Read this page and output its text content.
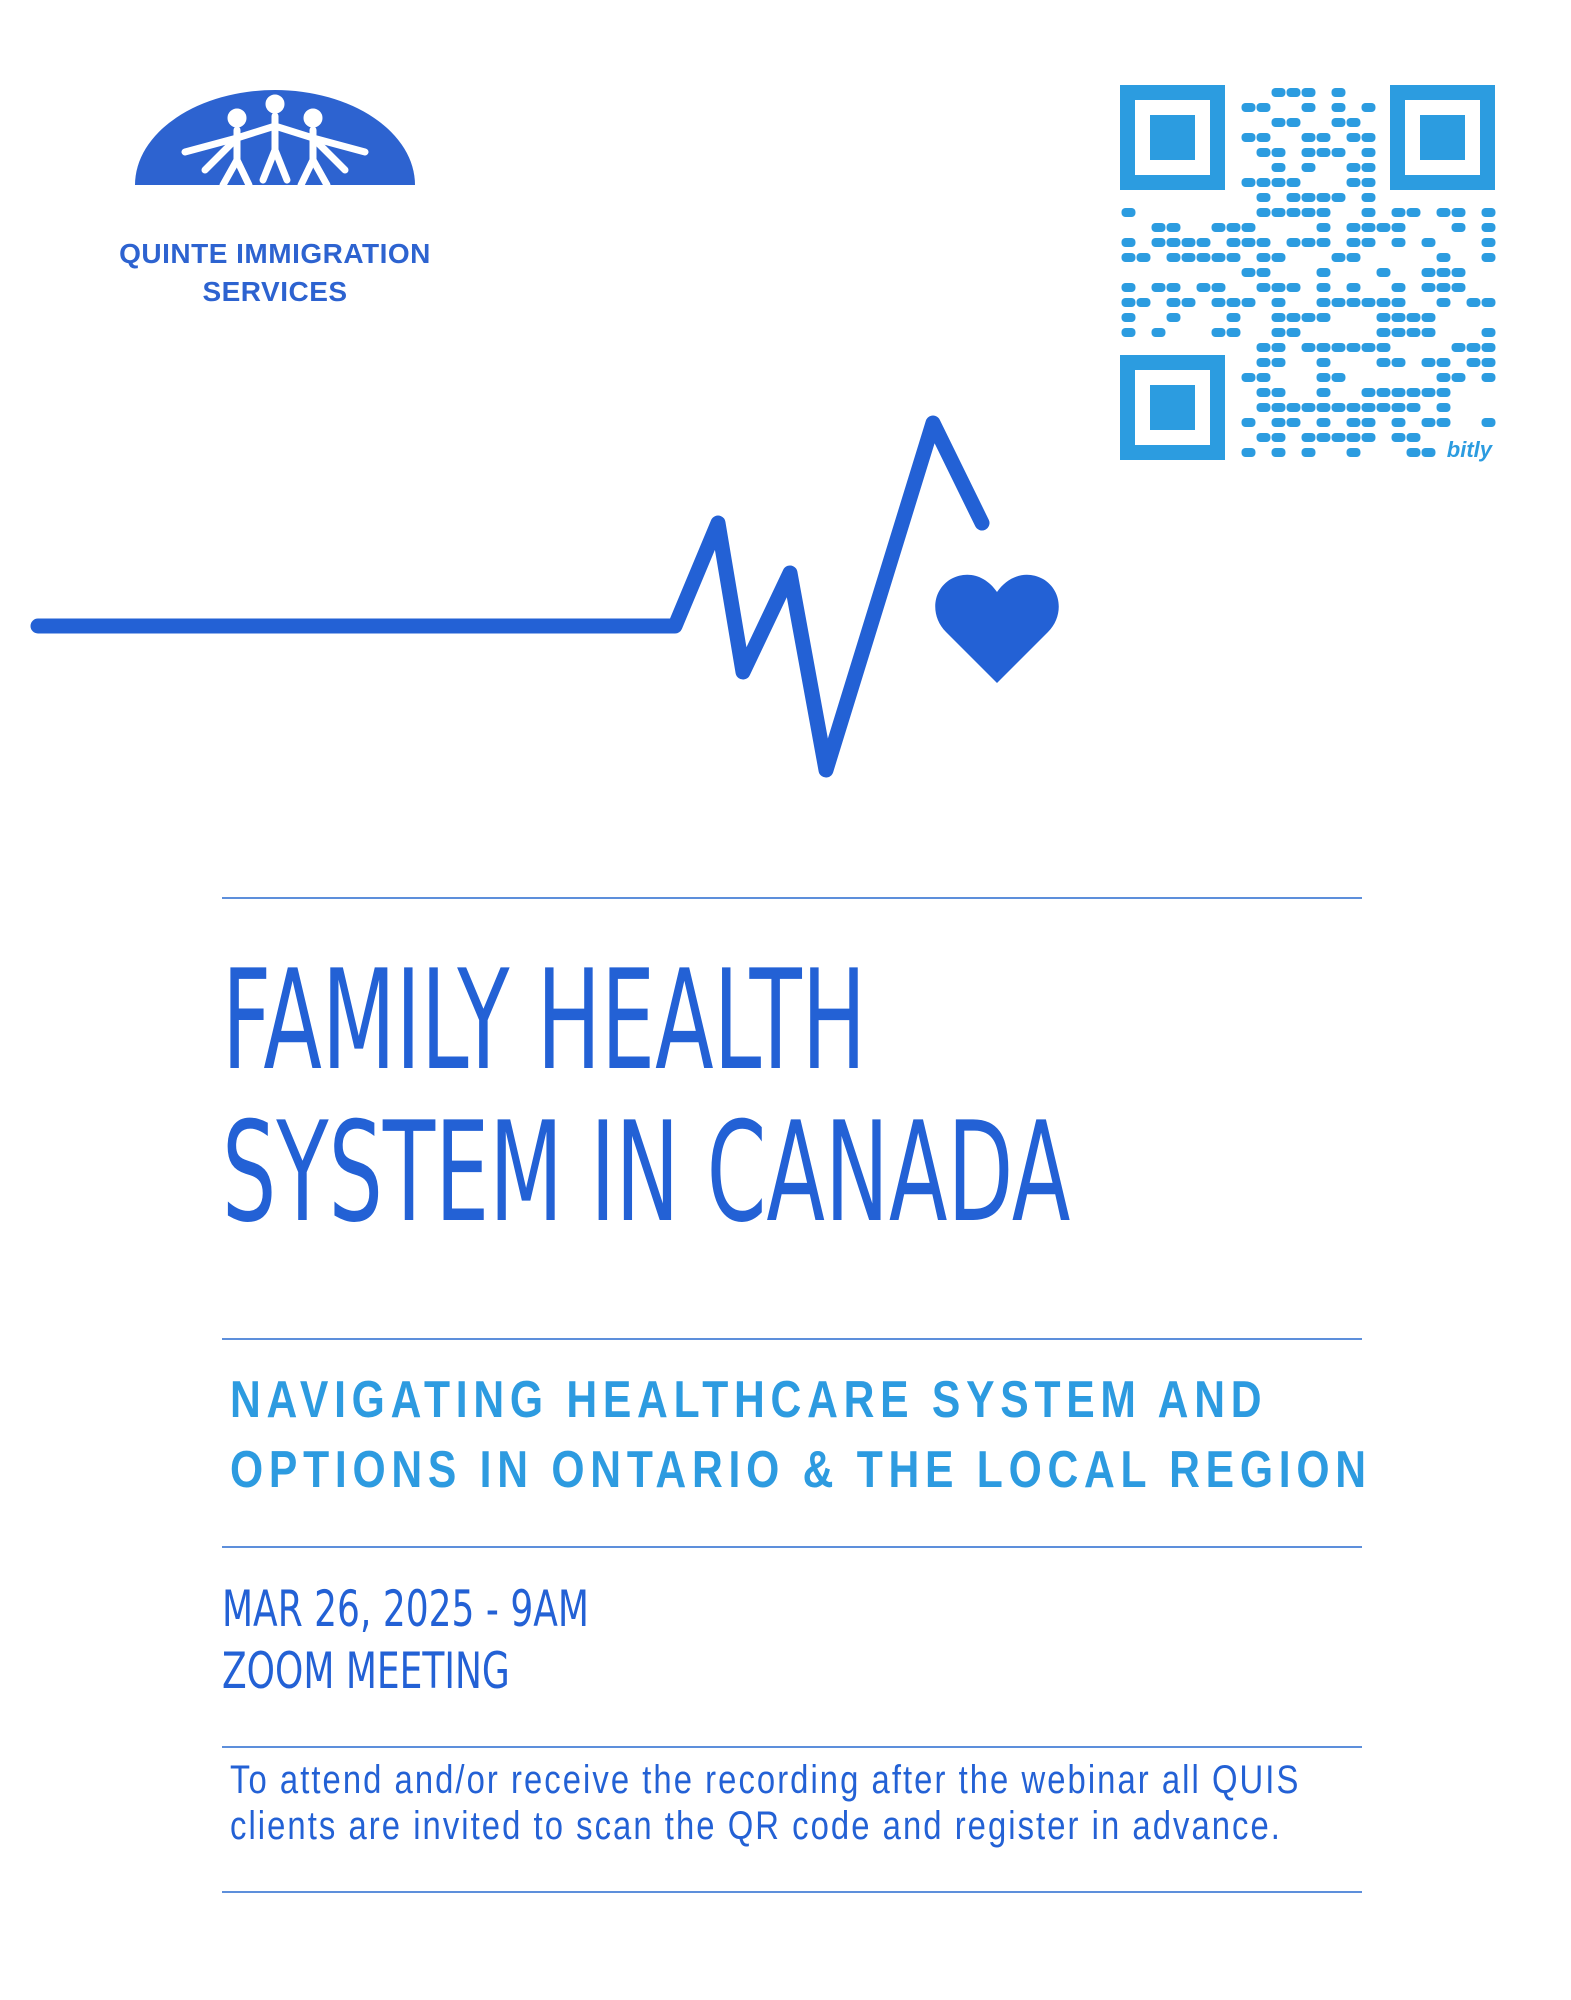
QUINTE IMMIGRATION
SERVICES
bitly
FAMILY HEALTH
SYSTEM IN CANADA
NAVIGATING HEALTHCARE SYSTEM AND
OPTIONS IN ONTARIO & THE LOCAL REGION
MAR 26, 2025 - 9AM
ZOOM MEETING
To attend and/or receive the recording after the webinar all QUIS
clients are invited to scan the QR code and register in advance.
